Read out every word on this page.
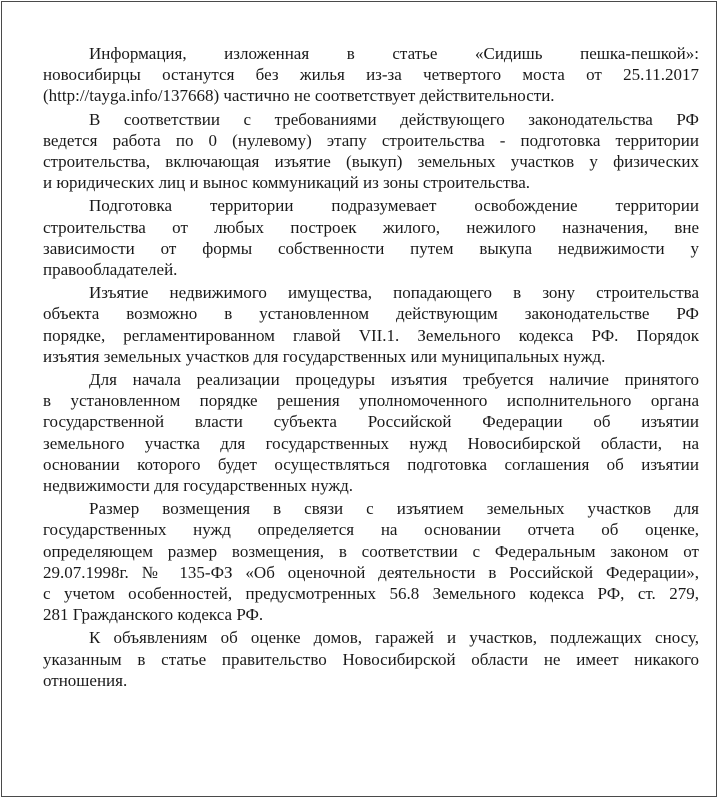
Информация, изложенная в статье «Сидишь пешка-пешкой»:
новосибирцы останутся без жилья из-за четвертого моста от 25.11.2017
(http://tayga.info/137668) частично не соответствует действительности.

В соответствии с требованиями действующего законодательства РФ
ведется работа по 0 (нулевому) этапу строительства - подготовка территории
строительства, включающая изъятие (выкуп) земельных участков у физических
и юридических лиц и вынос коммуникаций из зоны строительства.

Подготовка территории подразумевает освобождение территории
строительства от любых построек жилого, нежилого назначения, вне
зависимости от формы собственности путем выкупа недвижимости у
правообладателей.

Изъятие недвижимого имущества, попадающего в зону строительства
объекта возможно в установленном действующим законодательстве РФ
порядке, регламентированном главой VII.1. Земельного кодекса РФ. Порядок
изъятия земельных участков для государственных или муниципальных нужд.

Для начала реализации процедуры изъятия требуется наличие принятого
в установленном порядке решения уполномоченного исполнительного органа
государственной власти субъекта Российской Федерации об изъятии
земельного участка для государственных нужд Новосибирской области, на
основании которого будет осуществляться подготовка соглашения об изъятии
недвижимости для государственных нужд.

Размер возмещения в связи с изъятием земельных участков для
государственных нужд определяется на основании отчета об оценке,
определяющем размер возмещения, в соответствии с Федеральным законом от
29.07.1998г. № 135-ФЗ «Об оценочной деятельности в Российской Федерации»,
с учетом особенностей, предусмотренных 56.8 Земельного кодекса РФ, ст. 279,
281 Гражданского кодекса РФ.

К объявлениям об оценке домов, гаражей и участков, подлежащих сносу,
указанным в статье правительство Новосибирской области не имеет никакого
отношения.
